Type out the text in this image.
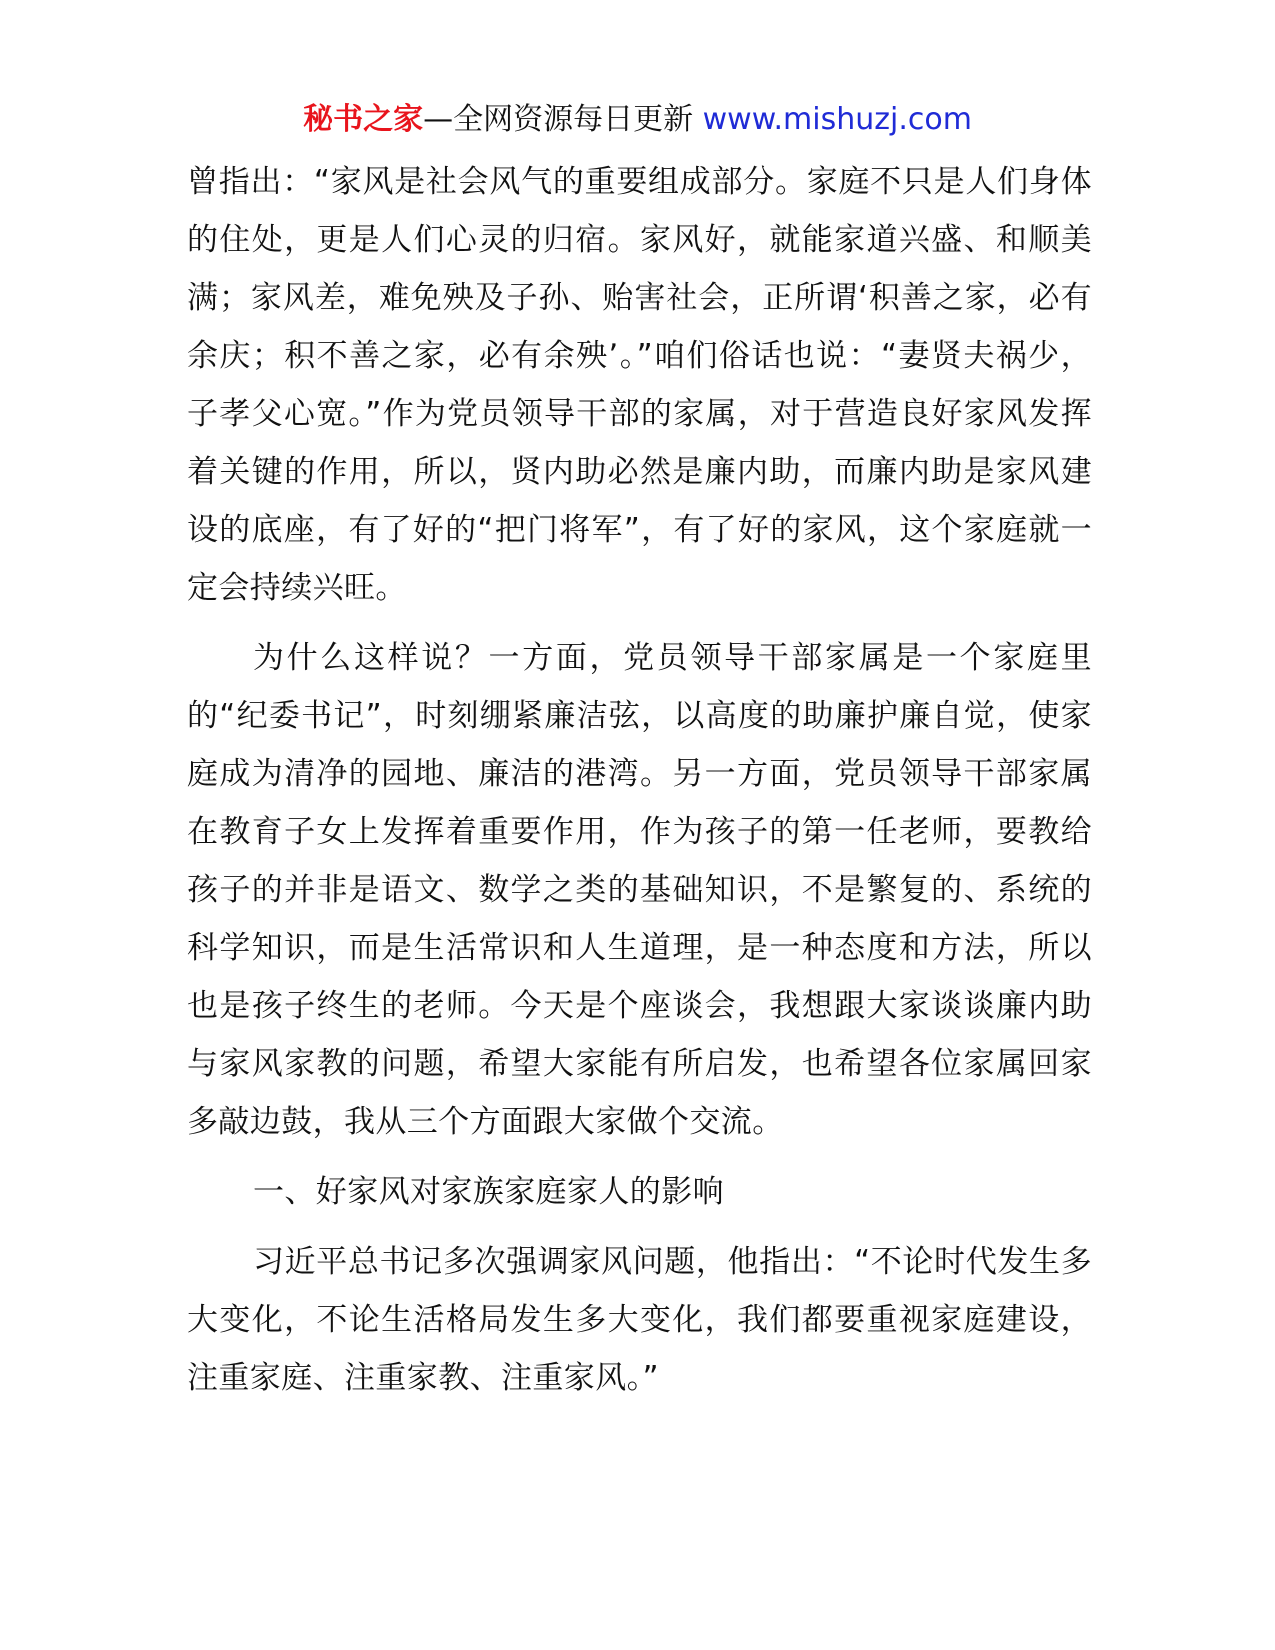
秘书之家—全网资源每日更新 www.mishuzj.com

曾指出：“家风是社会风气的重要组成部分。家庭不只是人们身体的住处，更是人们心灵的归宿。家风好，就能家道兴盛、和顺美满；家风差，难免殃及子孙、贻害社会，正所谓‘积善之家，必有余庆；积不善之家，必有余殃’。”咱们俗话也说：“妻贤夫祸少，子孝父心宽。”作为党员领导干部的家属，对于营造良好家风发挥着关键的作用，所以，贤内助必然是廉内助，而廉内助是家风建设的底座，有了好的“把门将军”，有了好的家风，这个家庭就一定会持续兴旺。

为什么这样说？一方面，党员领导干部家属是一个家庭里的“纪委书记”，时刻绷紧廉洁弦，以高度的助廉护廉自觉，使家庭成为清净的园地、廉洁的港湾。另一方面，党员领导干部家属在教育子女上发挥着重要作用，作为孩子的第一任老师，要教给孩子的并非是语文、数学之类的基础知识，不是繁复的、系统的科学知识，而是生活常识和人生道理，是一种态度和方法，所以也是孩子终生的老师。今天是个座谈会，我想跟大家谈谈廉内助与家风家教的问题，希望大家能有所启发，也希望各位家属回家多敲边鼓，我从三个方面跟大家做个交流。

一、好家风对家族家庭家人的影响

习近平总书记多次强调家风问题，他指出：“不论时代发生多大变化，不论生活格局发生多大变化，我们都要重视家庭建设，注重家庭、注重家教、注重家风。”
